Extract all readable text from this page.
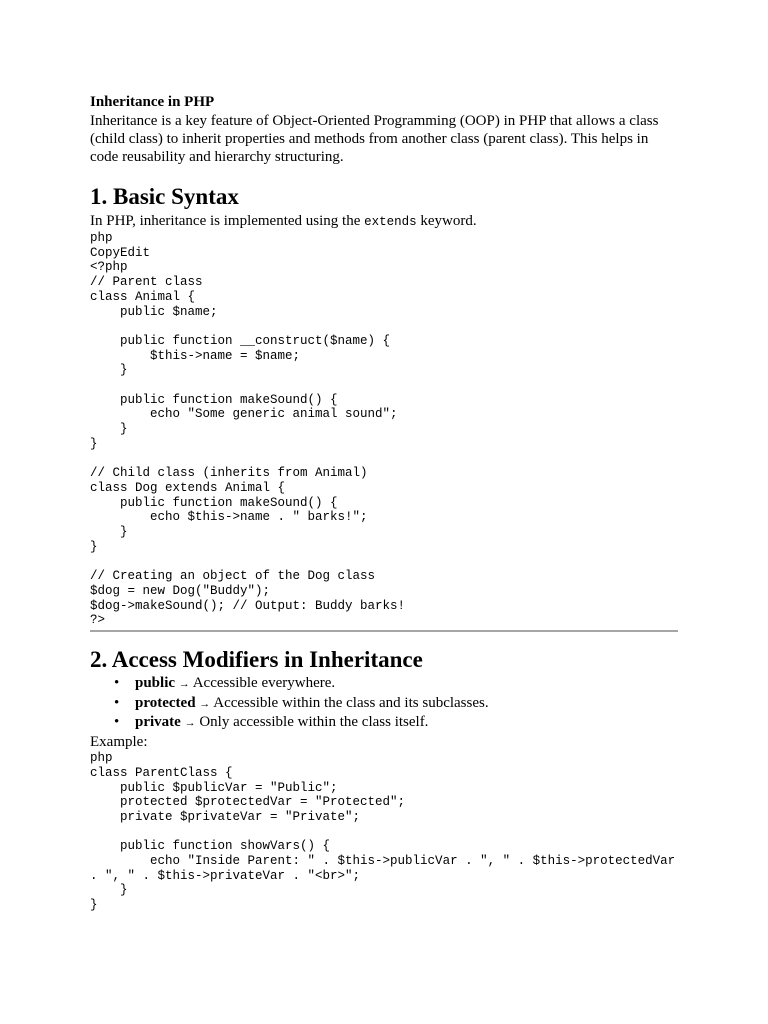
Inheritance in PHP

Inheritance is a key feature of Object-Oriented Programming (OOP) in PHP that allows a class (child class) to inherit properties and methods from another class (parent class). This helps in code reusability and hierarchy structuring.

1. Basic Syntax

In PHP, inheritance is implemented using the extends keyword.

php

CopyEdit

<?php
// Parent class
class Animal {
public $name;

public function __construct($name) {
$this->name = $name;
}

public function makeSound() {
echo "Some generic animal sound";
}
}

// Child class (inherits from Animal)
class Dog extends Animal {
public function makeSound() {
echo $this->name . " barks!";
}
}

// Creating an object of the Dog class
$dog = new Dog("Buddy");
$dog->makeSound(); // Output: Buddy barks!
?>
2. Access Modifiers in Inheritance
• public → Accessible everywhere.
• protected → Accessible within the class and its subclasses.
• private → Only accessible within the class itself.

Example:

php

class ParentClass {
public $publicVar = "Public";
protected $protectedVar = "Protected";
private $privateVar = "Private";

public function showVars() {
echo "Inside Parent: " . $this->publicVar . ", " . $this->protectedVar
. ", " . $this->privateVar . "<br>";
}
}
